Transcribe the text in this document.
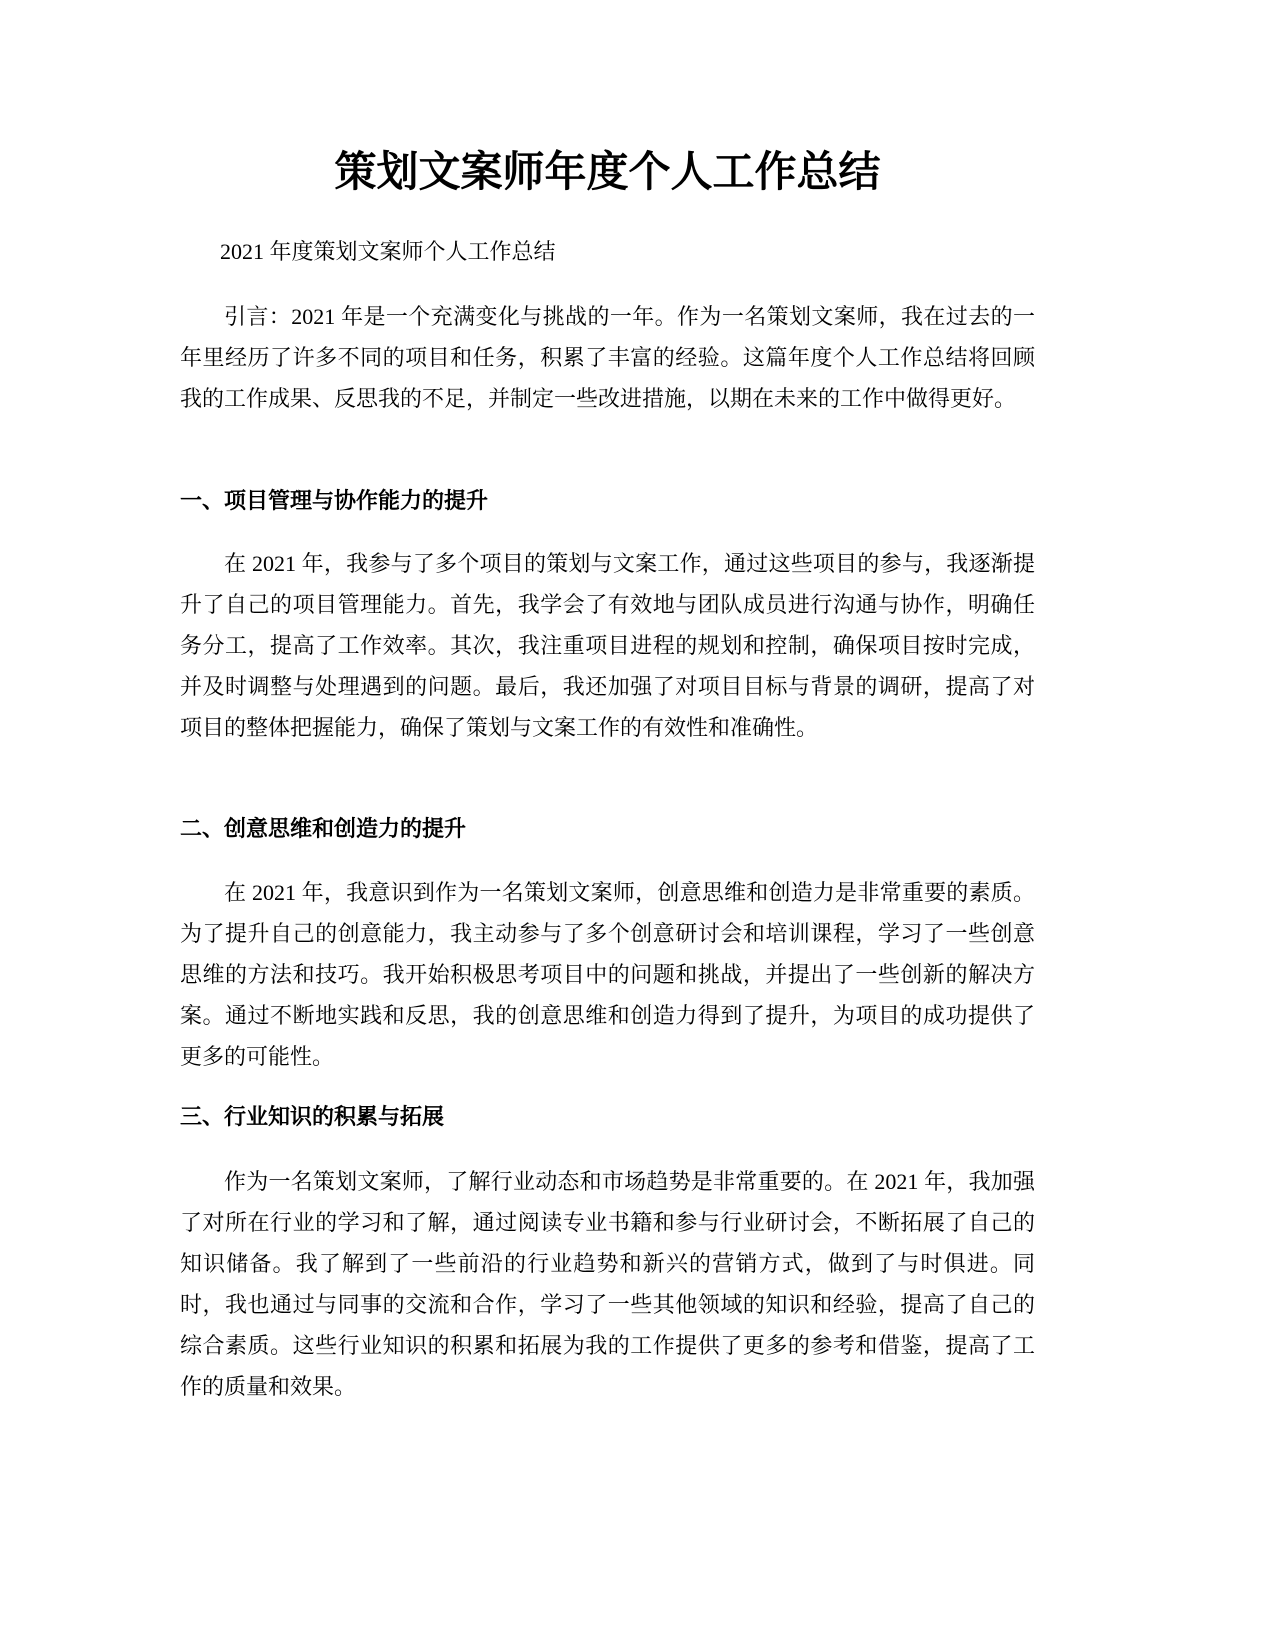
策划文案师年度个人工作总结

2021 年度策划文案师个人工作总结

引言：2021 年是一个充满变化与挑战的一年。作为一名策划文案师，我在过去的一年里经历了许多不同的项目和任务，积累了丰富的经验。这篇年度个人工作总结将回顾我的工作成果、反思我的不足，并制定一些改进措施，以期在未来的工作中做得更好。

一、项目管理与协作能力的提升

在 2021 年，我参与了多个项目的策划与文案工作，通过这些项目的参与，我逐渐提升了自己的项目管理能力。首先，我学会了有效地与团队成员进行沟通与协作，明确任务分工，提高了工作效率。其次，我注重项目进程的规划和控制，确保项目按时完成，并及时调整与处理遇到的问题。最后，我还加强了对项目目标与背景的调研，提高了对项目的整体把握能力，确保了策划与文案工作的有效性和准确性。

二、创意思维和创造力的提升

在 2021 年，我意识到作为一名策划文案师，创意思维和创造力是非常重要的素质。为了提升自己的创意能力，我主动参与了多个创意研讨会和培训课程，学习了一些创意思维的方法和技巧。我开始积极思考项目中的问题和挑战，并提出了一些创新的解决方案。通过不断地实践和反思，我的创意思维和创造力得到了提升，为项目的成功提供了更多的可能性。

三、行业知识的积累与拓展

作为一名策划文案师，了解行业动态和市场趋势是非常重要的。在 2021 年，我加强了对所在行业的学习和了解，通过阅读专业书籍和参与行业研讨会，不断拓展了自己的知识储备。我了解到了一些前沿的行业趋势和新兴的营销方式，做到了与时俱进。同时，我也通过与同事的交流和合作，学习了一些其他领域的知识和经验，提高了自己的综合素质。这些行业知识的积累和拓展为我的工作提供了更多的参考和借鉴，提高了工作的质量和效果。
